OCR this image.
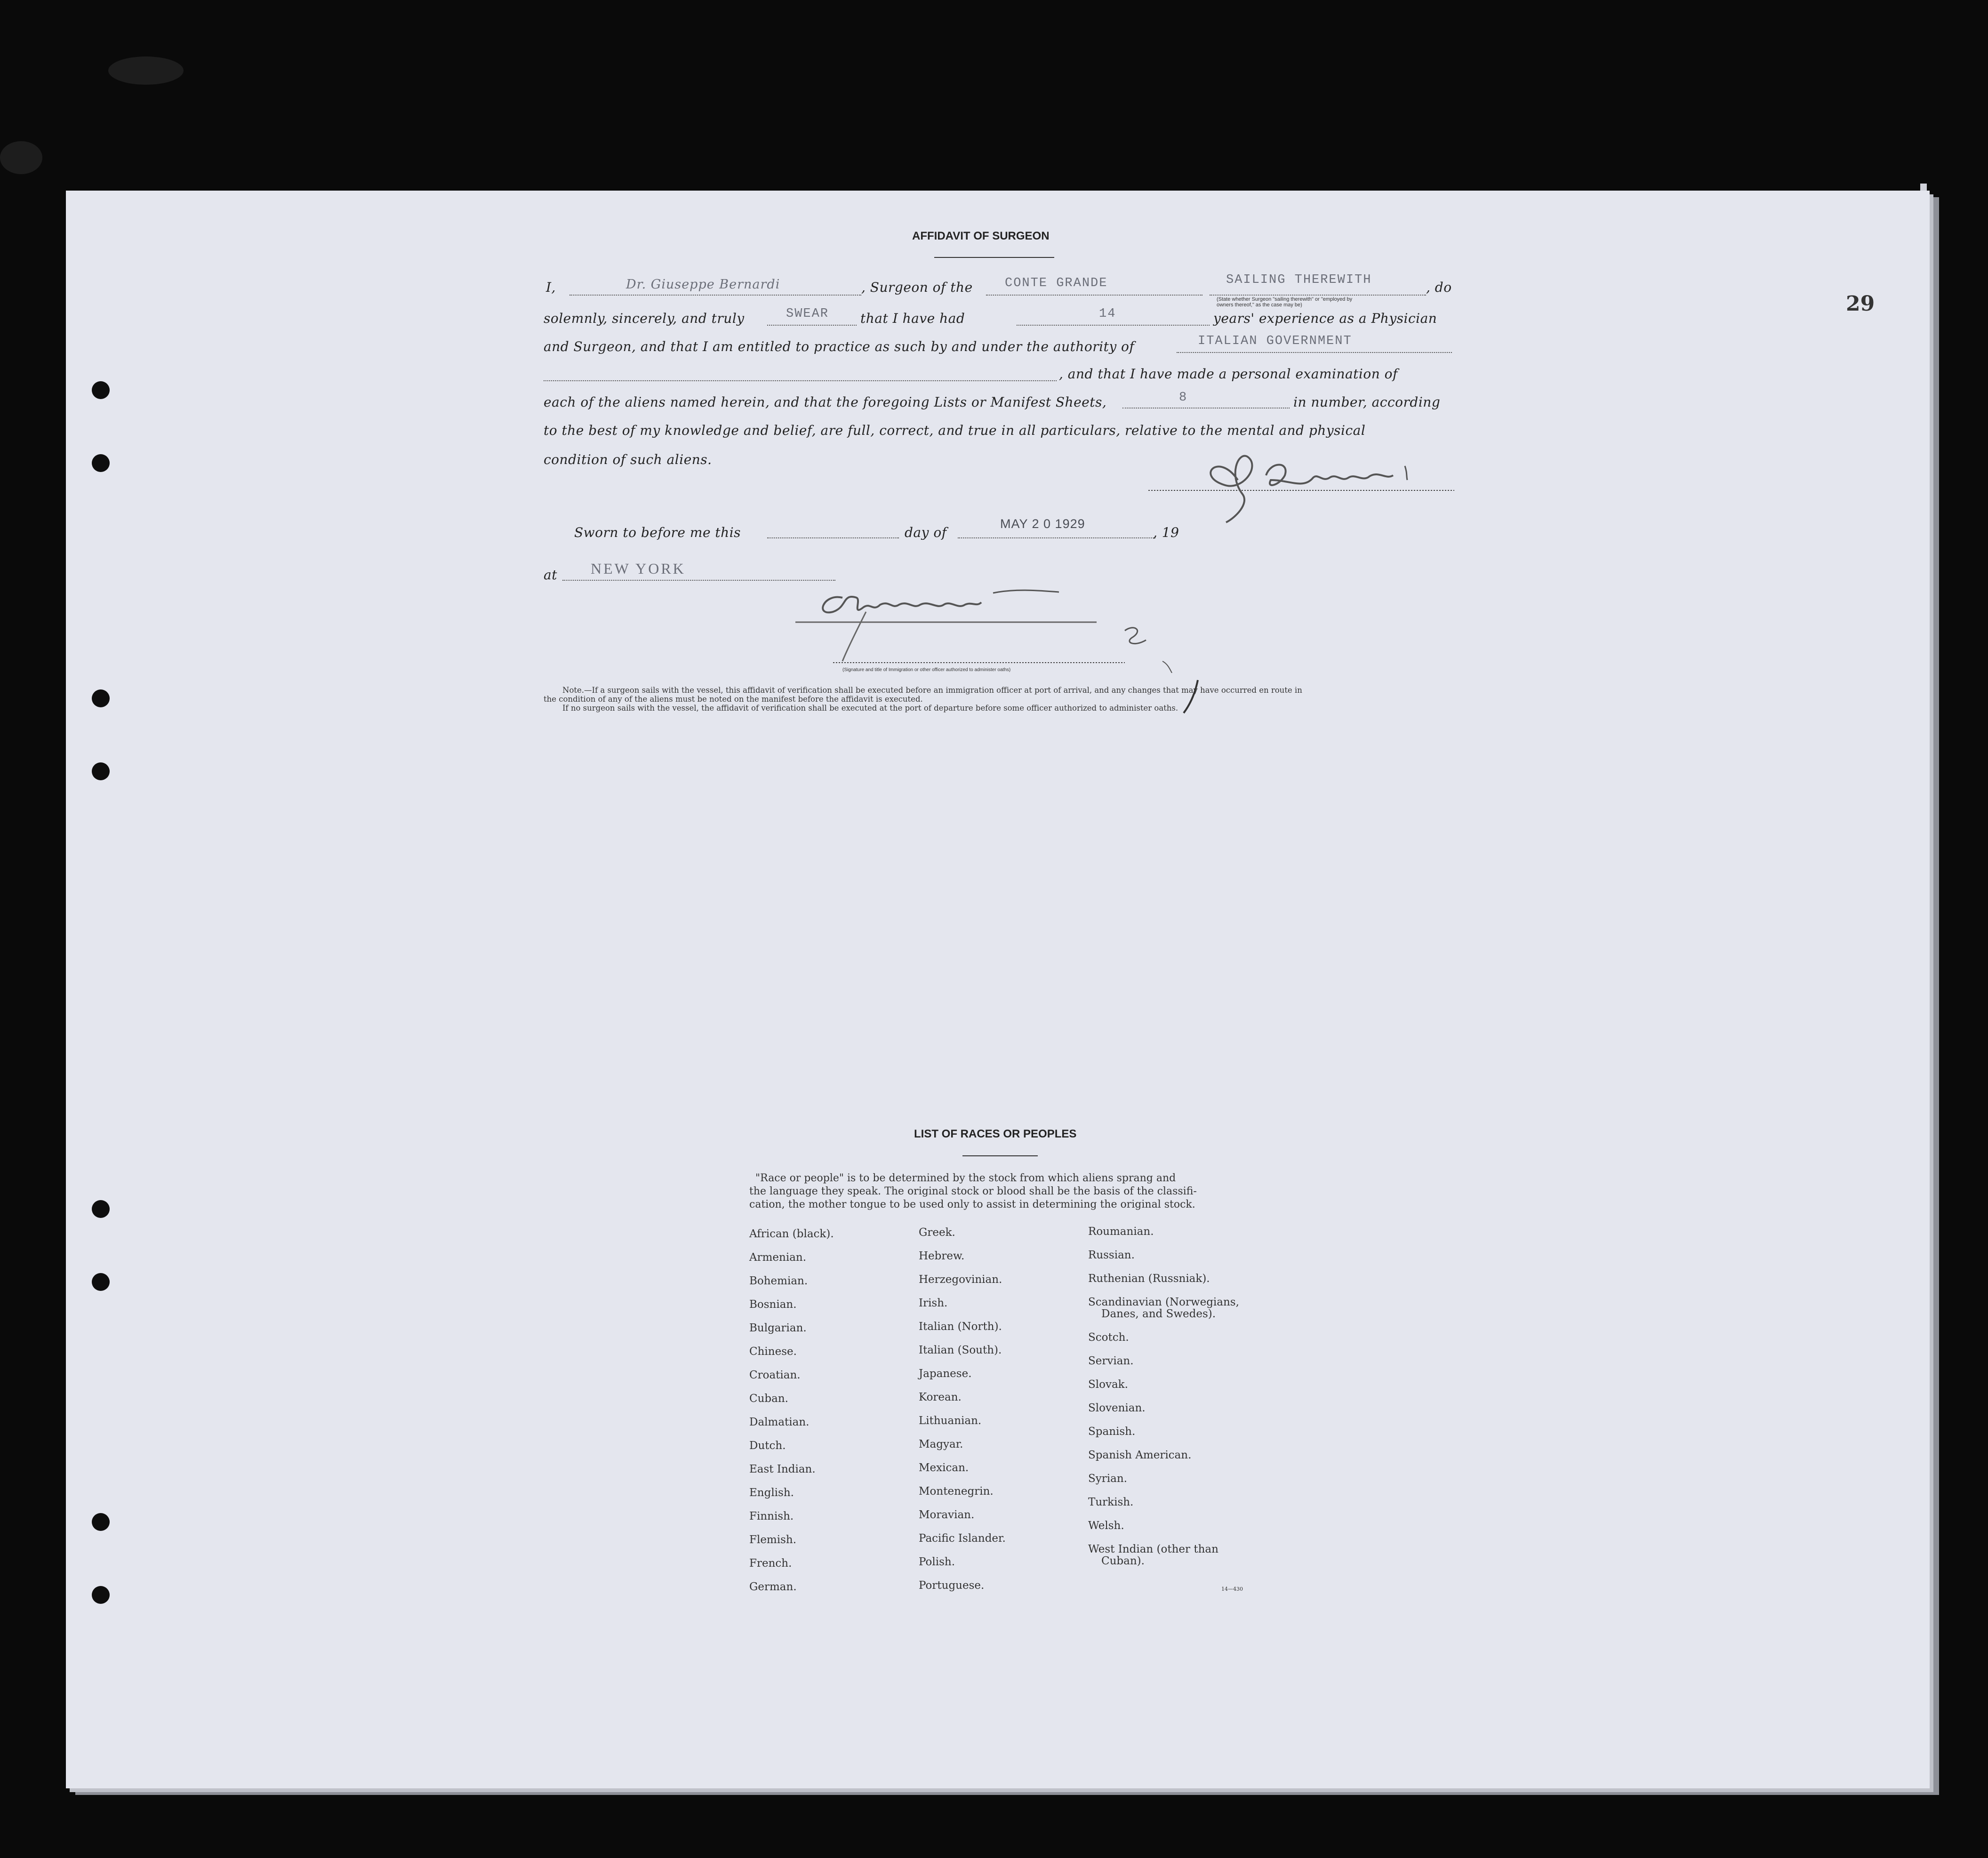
29
AFFIDAVIT OF SURGEON
I,	Dr. Giuseppe Bernardi	, Surgeon of the	CONTE GRANDE	SAILING THEREWITH	, do
(State whether Surgeon "sailing therewith" or "employed by
owners thereof," as the case may be)
solemnly, sincerely, and truly	SWEAR that I have had	14	years' experience as a Physician
and Surgeon, and that I am entitled to practice as such by and under the authority of	ITALIAN GOVERNMENT
, and that I have made a personal examination of
each of the aliens named herein, and that the foregoing Lists or Manifest Sheets,	8	in number, according
to the best of my knowledge and belief, are full, correct, and true in all particulars, relative to the mental and physical
condition of such aliens.
Sworn to before me this	day of
MAY 2 0 1929
, 19
at NEW YORK
(Signature and title of Immigration or other officer authorized to administer oaths)
Note.—If a surgeon sails with the vessel, this affidavit of verification shall be executed before an immigration officer at port of arrival, and any changes that may have occurred en route in
the condition of any of the aliens must be noted on the manifest before the affidavit is executed.
If no surgeon sails with the vessel, the affidavit of verification shall be executed at the port of departure before some officer authorized to administer oaths.
LIST OF RACES OR PEOPLES
"Race or people" is to be determined by the stock from which aliens sprang and
the language they speak. The original stock or blood shall be the basis of the classifi-
cation, the mother tongue to be used only to assist in determining the original stock.
African (black).
Armenian.
Bohemian.
Bosnian.
Bulgarian.
Chinese.
Croatian.
Cuban.
Dalmatian.
Dutch.
East Indian.
English.
Finnish.
Flemish.
French.
German.
Greek.
Hebrew.
Herzegovinian.
Irish.
Italian (North).
Italian (South).
Japanese.
Korean.
Lithuanian.
Magyar.
Mexican.
Montenegrin.
Moravian.
Pacific Islander.
Polish.
Portuguese.
Roumanian.
Russian.
Ruthenian (Russniak).
Scandinavian (Norwegians,
Danes, and Swedes).
Scotch.
Servian.
Slovak.
Slovenian.
Spanish.
Spanish American.
Syrian.
Turkish.
Welsh.
West Indian (other than
Cuban).
14—430
